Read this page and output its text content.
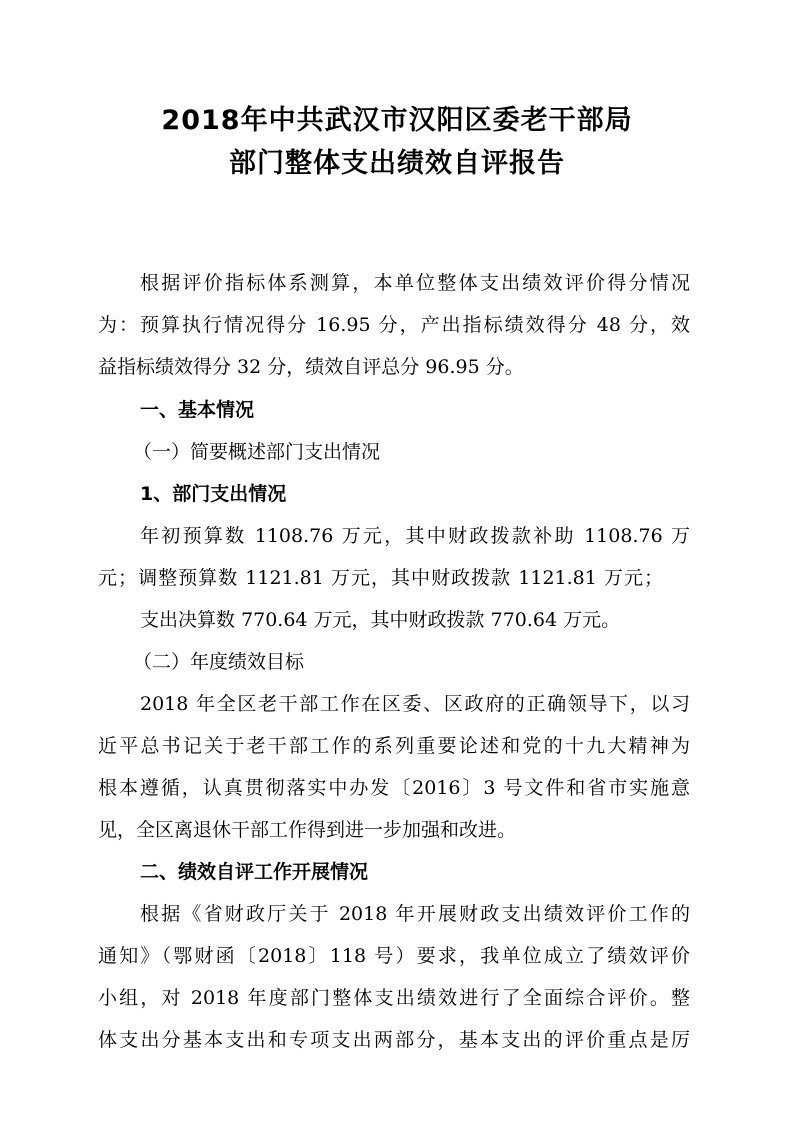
2018年中共武汉市汉阳区委老干部局
部门整体支出绩效自评报告
根据评价指标体系测算，本单位整体支出绩效评价得分情况
为：预算执行情况得分 16.95 分，产出指标绩效得分 48 分，效
益指标绩效得分 32 分，绩效自评总分 96.95 分。
一、基本情况
（一）简要概述部门支出情况
1、部门支出情况
年初预算数 1108.76 万元，其中财政拨款补助 1108.76 万
元；调整预算数 1121.81 万元，其中财政拨款 1121.81 万元；
支出决算数 770.64 万元，其中财政拨款 770.64 万元。
（二）年度绩效目标
2018 年全区老干部工作在区委、区政府的正确领导下，以习
近平总书记关于老干部工作的系列重要论述和党的十九大精神为
根本遵循，认真贯彻落实中办发〔2016〕3 号文件和省市实施意
见，全区离退休干部工作得到进一步加强和改进。
二、绩效自评工作开展情况
根据《省财政厅关于 2018 年开展财政支出绩效评价工作的
通知》（鄂财函〔2018〕118 号）要求，我单位成立了绩效评价
小组，对 2018 年度部门整体支出绩效进行了全面综合评价。整
体支出分基本支出和专项支出两部分，基本支出的评价重点是厉
